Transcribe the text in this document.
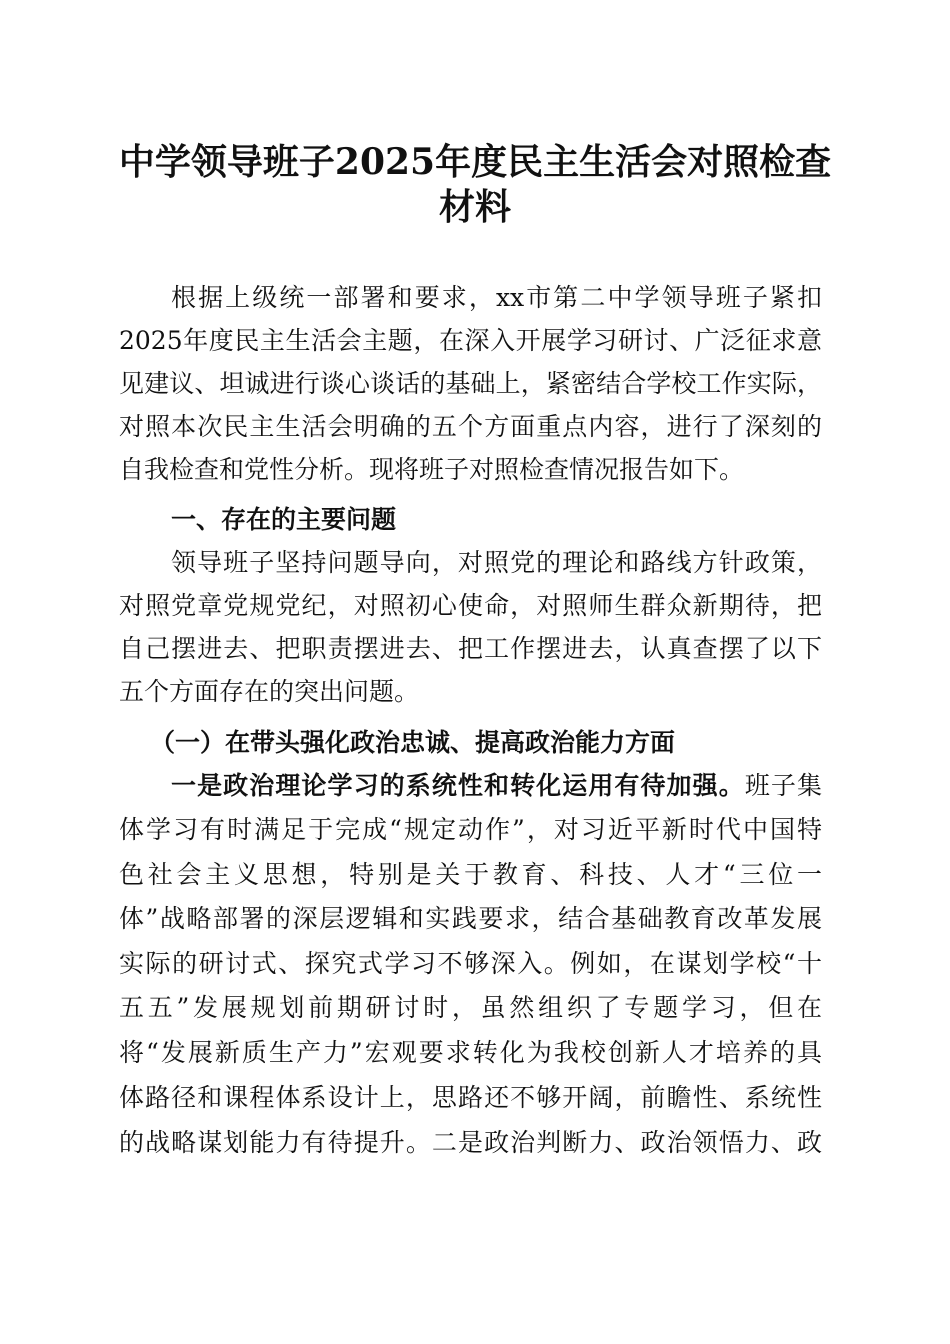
中学领导班子2025年度民主生活会对照检查
材料
根据上级统一部署和要求，xx市第二中学领导班子紧扣
2025年度民主生活会主题，在深入开展学习研讨、广泛征求意
见建议、坦诚进行谈心谈话的基础上，紧密结合学校工作实际，
对照本次民主生活会明确的五个方面重点内容，进行了深刻的
自我检查和党性分析。现将班子对照检查情况报告如下。
一、存在的主要问题
领导班子坚持问题导向，对照党的理论和路线方针政策，
对照党章党规党纪，对照初心使命，对照师生群众新期待，把
自己摆进去、把职责摆进去、把工作摆进去，认真查摆了以下
五个方面存在的突出问题。
（一）在带头强化政治忠诚、提高政治能力方面
一是政治理论学习的系统性和转化运用有待加强。班子集
体学习有时满足于完成“规定动作”，对习近平新时代中国特
色社会主义思想，特别是关于教育、科技、人才“三位一
体”战略部署的深层逻辑和实践要求，结合基础教育改革发展
实际的研讨式、探究式学习不够深入。例如，在谋划学校“十
五五”发展规划前期研讨时，虽然组织了专题学习，但在
将“发展新质生产力”宏观要求转化为我校创新人才培养的具
体路径和课程体系设计上，思路还不够开阔，前瞻性、系统性
的战略谋划能力有待提升。二是政治判断力、政治领悟力、政
